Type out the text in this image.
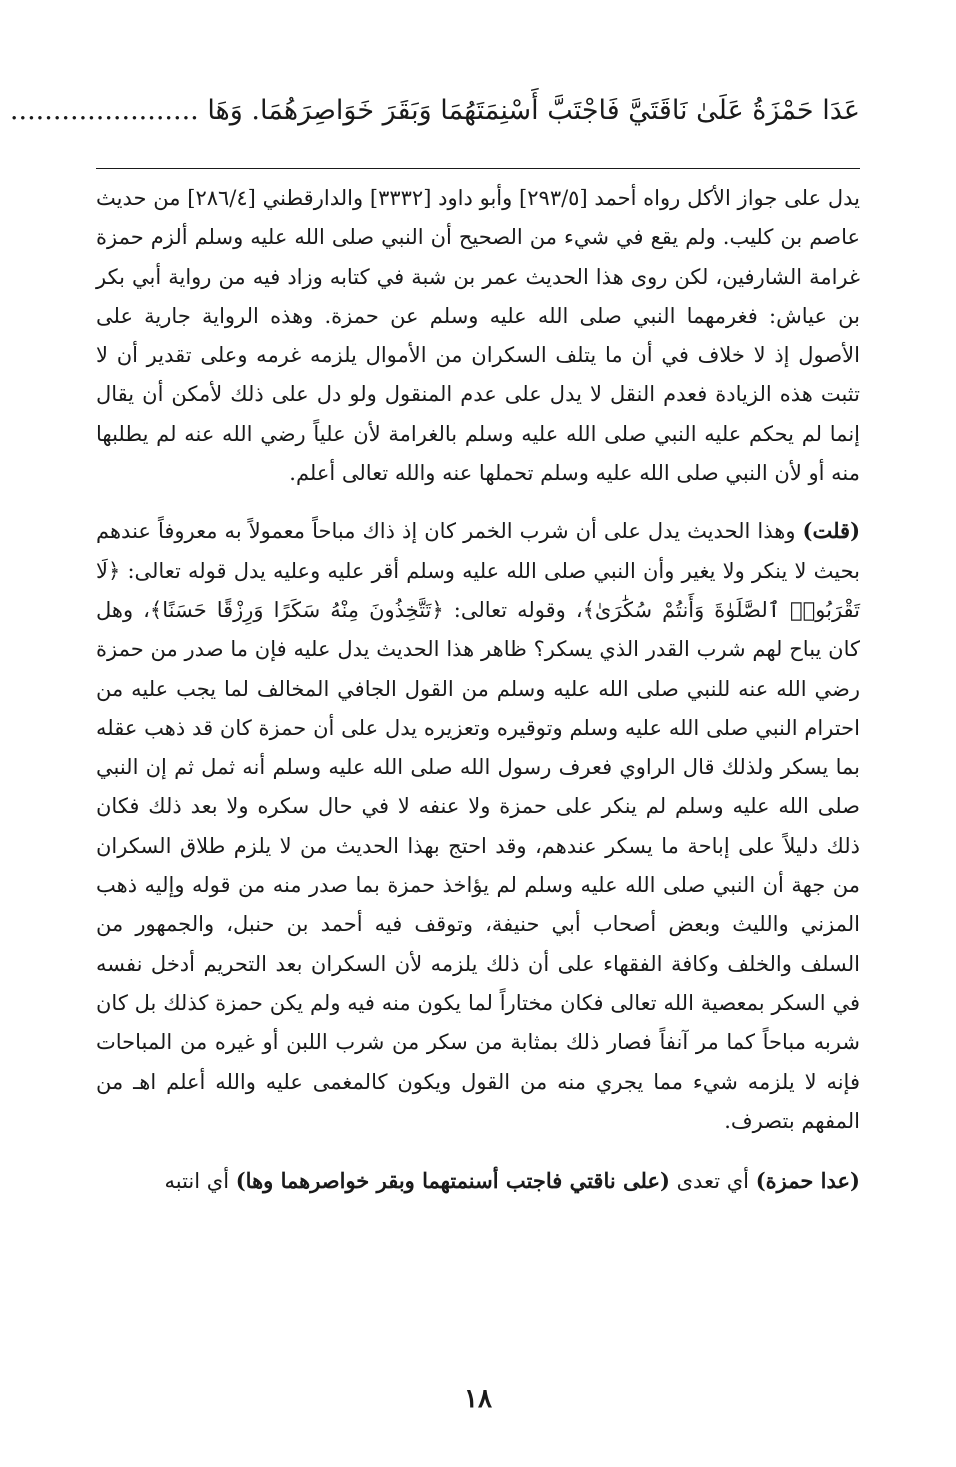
عَدَا حَمْزَةُ عَلَىٰ نَاقَتَيَّ فَاجْتَبَّ أَسْنِمَتَهُمَا وَبَقَرَ خَوَاصِرَهُمَا. وَهَا ......................

يدل على جواز الأكل رواه أحمد [٢٩٣/٥] وأبو داود [٣٣٣٢] والدارقطني [٢٨٦/٤] من حديث عاصم بن كليب. ولم يقع في شيء من الصحيح أن النبي صلى الله عليه وسلم ألزم حمزة غرامة الشارفين، لكن روى هذا الحديث عمر بن شبة في كتابه وزاد فيه من رواية أبي بكر بن عياش: فغرمهما النبي صلى الله عليه وسلم عن حمزة. وهذه الرواية جارية على الأصول إذ لا خلاف في أن ما يتلف السكران من الأموال يلزمه غرمه وعلى تقدير أن لا تثبت هذه الزيادة فعدم النقل لا يدل على عدم المنقول ولو دل على ذلك لأمكن أن يقال إنما لم يحكم عليه النبي صلى الله عليه وسلم بالغرامة لأن علياً رضي الله عنه لم يطلبها منه أو لأن النبي صلى الله عليه وسلم تحملها عنه والله تعالى أعلم.

(قلت) وهذا الحديث يدل على أن شرب الخمر كان إذ ذاك مباحاً معمولاً به معروفاً عندهم بحيث لا ينكر ولا يغير وأن النبي صلى الله عليه وسلم أقر عليه وعليه يدل قوله تعالى: ﴿لَا تَقْرَبُوا۟ ٱلصَّلَوٰةَ وَأَنتُمْ سُكَٰرَىٰ﴾، وقوله تعالى: ﴿تَتَّخِذُونَ مِنْهُ سَكَرًا وَرِزْقًا حَسَنًا﴾، وهل كان يباح لهم شرب القدر الذي يسكر؟ ظاهر هذا الحديث يدل عليه فإن ما صدر من حمزة رضي الله عنه للنبي صلى الله عليه وسلم من القول الجافي المخالف لما يجب عليه من احترام النبي صلى الله عليه وسلم وتوقيره وتعزيره يدل على أن حمزة كان قد ذهب عقله بما يسكر ولذلك قال الراوي فعرف رسول الله صلى الله عليه وسلم أنه ثمل ثم إن النبي صلى الله عليه وسلم لم ينكر على حمزة ولا عنفه لا في حال سكره ولا بعد ذلك فكان ذلك دليلاً على إباحة ما يسكر عندهم، وقد احتج بهذا الحديث من لا يلزم طلاق السكران من جهة أن النبي صلى الله عليه وسلم لم يؤاخذ حمزة بما صدر منه من قوله وإليه ذهب المزني والليث وبعض أصحاب أبي حنيفة، وتوقف فيه أحمد بن حنبل، والجمهور من السلف والخلف وكافة الفقهاء على أن ذلك يلزمه لأن السكران بعد التحريم أدخل نفسه في السكر بمعصية الله تعالى فكان مختاراً لما يكون منه فيه ولم يكن حمزة كذلك بل كان شربه مباحاً كما مر آنفاً فصار ذلك بمثابة من سكر من شرب اللبن أو غيره من المباحات فإنه لا يلزمه شيء مما يجري منه من القول ويكون كالمغمى عليه والله أعلم اهـ من المفهم بتصرف.

(عدا حمزة) أي تعدى (على ناقتي فاجتب أسنمتهما وبقر خواصرهما وها) أي انتبه

١٨
